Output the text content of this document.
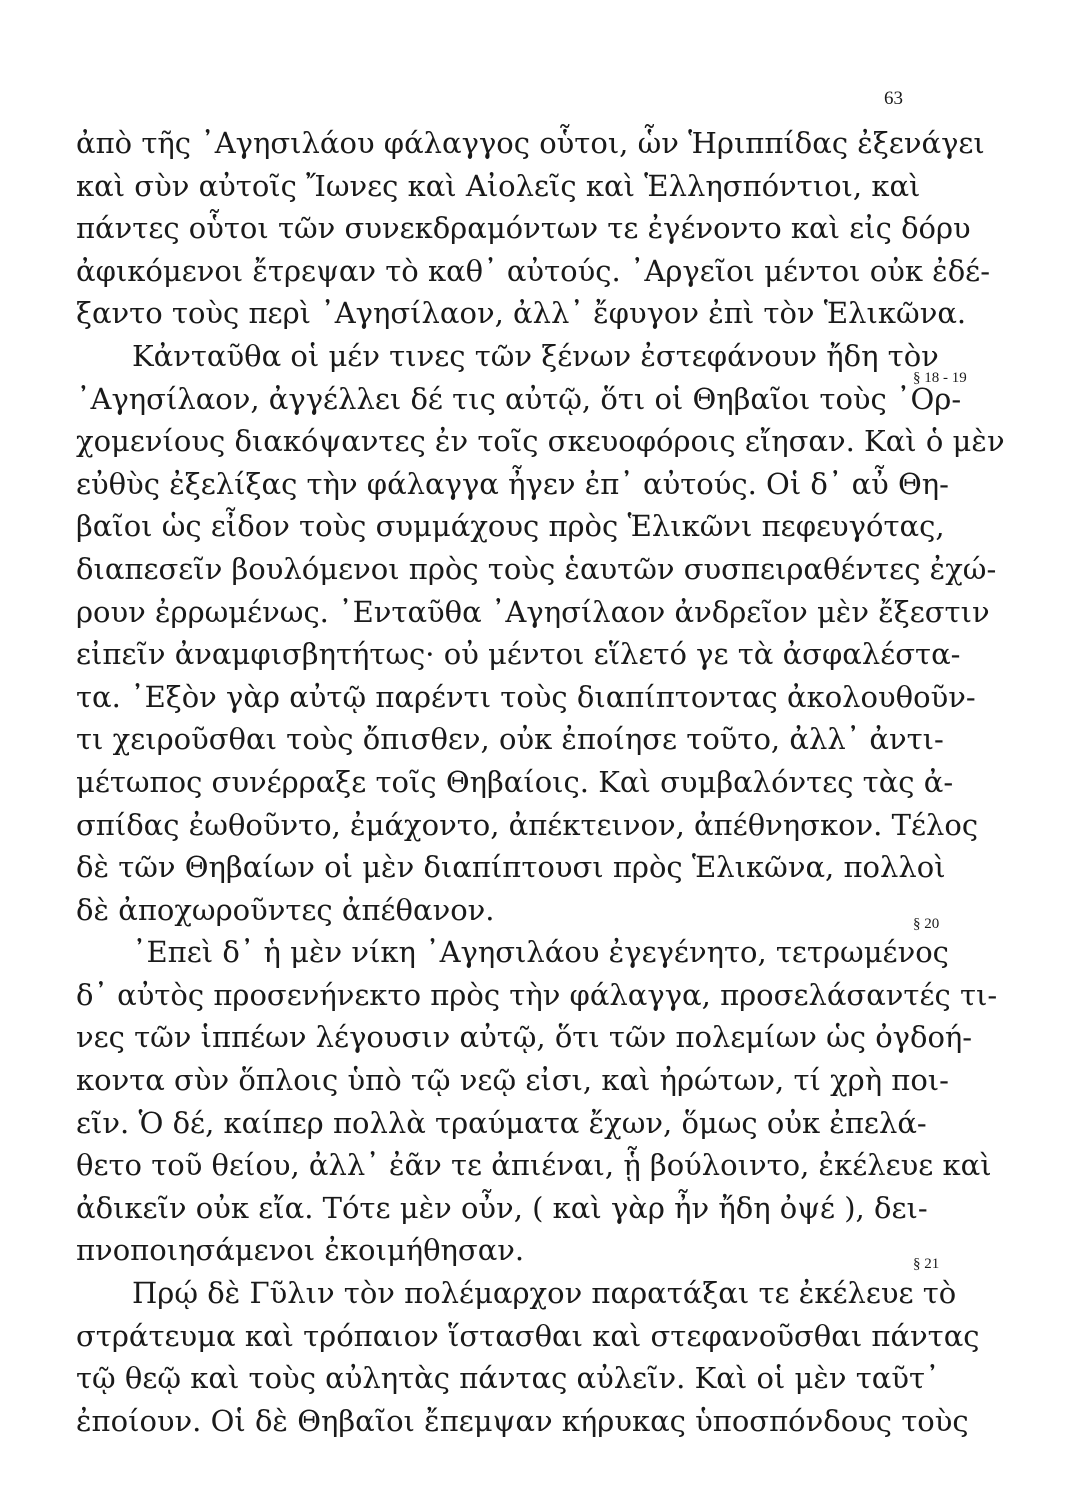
63
ἀπὸ τῆς ᾿Αγησιλάου φάλαγγος οὗτοι, ὧν Ἡριππίδας ἐξενάγει
καὶ σὺν αὐτοῖς Ἴωνες καὶ Αἰολεῖς καὶ Ἑλλησπόντιοι, καὶ
πάντες οὗτοι τῶν συνεκδραμόντων τε ἐγένοντο καὶ εἰς δόρυ
ἀφικόμενοι ἔτρεψαν τὸ καθ᾿ αὐτούς. ᾿Αργεῖοι μέντοι οὐκ ἐδέ-
ξαντο τοὺς περὶ ᾿Αγησίλαον, ἀλλ᾿ ἔφυγον ἐπὶ τὸν Ἑλικῶνα.
Κἀνταῦθα οἱ μέν τινες τῶν ξένων ἐστεφάνουν ἤδη τὸν
᾿Αγησίλαον, ἀγγέλλει δέ τις αὐτῷ, ὅτι οἱ Θηβαῖοι τοὺς ᾿Ορ-
χομενίους διακόψαντες ἐν τοῖς σκευοφόροις εἴησαν. Καὶ ὁ μὲν
εὐθὺς ἐξελίξας τὴν φάλαγγα ἦγεν ἐπ᾿ αὐτούς. Οἱ δ᾿ αὖ Θη-
βαῖοι ὡς εἶδον τοὺς συμμάχους πρὸς Ἑλικῶνι πεφευγότας,
διαπεσεῖν βουλόμενοι πρὸς τοὺς ἑαυτῶν συσπειραθέντες ἐχώ-
ρουν ἐρρωμένως. ᾿Ενταῦθα ᾿Αγησίλαον ἀνδρεῖον μὲν ἔξεστιν
εἰπεῖν ἀναμφισβητήτως· οὐ μέντοι εἵλετό γε τὰ ἀσφαλέστα-
τα. ᾿Εξὸν γὰρ αὐτῷ παρέντι τοὺς διαπίπτοντας ἀκολουθοῦν-
τι χειροῦσθαι τοὺς ὄπισθεν, οὐκ ἐποίησε τοῦτο, ἀλλ᾿ ἀντι-
μέτωπος συνέρραξε τοῖς Θηβαίοις. Καὶ συμβαλόντες τὰς ἀ-
σπίδας ἐωθοῦντο, ἐμάχοντο, ἀπέκτεινον, ἀπέθνησκον. Τέλος
δὲ τῶν Θηβαίων οἱ μὲν διαπίπτουσι πρὸς Ἑλικῶνα, πολλοὶ
δὲ ἀποχωροῦντες ἀπέθανον.
᾿Επεὶ δ᾿ ἡ μὲν νίκη ᾿Αγησιλάου ἐγεγένητο, τετρωμένος
δ᾿ αὐτὸς προσενήνεκτο πρὸς τὴν φάλαγγα, προσελάσαντές τι-
νες τῶν ἱππέων λέγουσιν αὐτῷ, ὅτι τῶν πολεμίων ὡς ὀγδοή-
κοντα σὺν ὅπλοις ὑπὸ τῷ νεῷ εἰσι, καὶ ἠρώτων, τί χρὴ ποι-
εῖν. Ὁ δέ, καίπερ πολλὰ τραύματα ἔχων, ὅμως οὐκ ἐπελά-
θετο τοῦ θείου, ἀλλ᾿ ἐᾶν τε ἀπιέναι, ᾗ βούλοιντο, ἐκέλευε καὶ
ἀδικεῖν οὐκ εἴα. Τότε μὲν οὖν, ( καὶ γὰρ ἦν ἤδη ὀψέ ), δει-
πνοποιησάμενοι ἐκοιμήθησαν.
Πρῴ δὲ Γῦλιν τὸν πολέμαρχον παρατάξαι τε ἐκέλευε τὸ
στράτευμα καὶ τρόπαιον ἵστασθαι καὶ στεφανοῦσθαι πάντας
τῷ θεῷ καὶ τοὺς αὐλητὰς πάντας αὐλεῖν. Καὶ οἱ μὲν ταῦτ᾿
ἐποίουν. Οἱ δὲ Θηβαῖοι ἔπεμψαν κήρυκας ὑποσπόνδους τοὺς
§ 18 - 19
§ 20
§ 21
